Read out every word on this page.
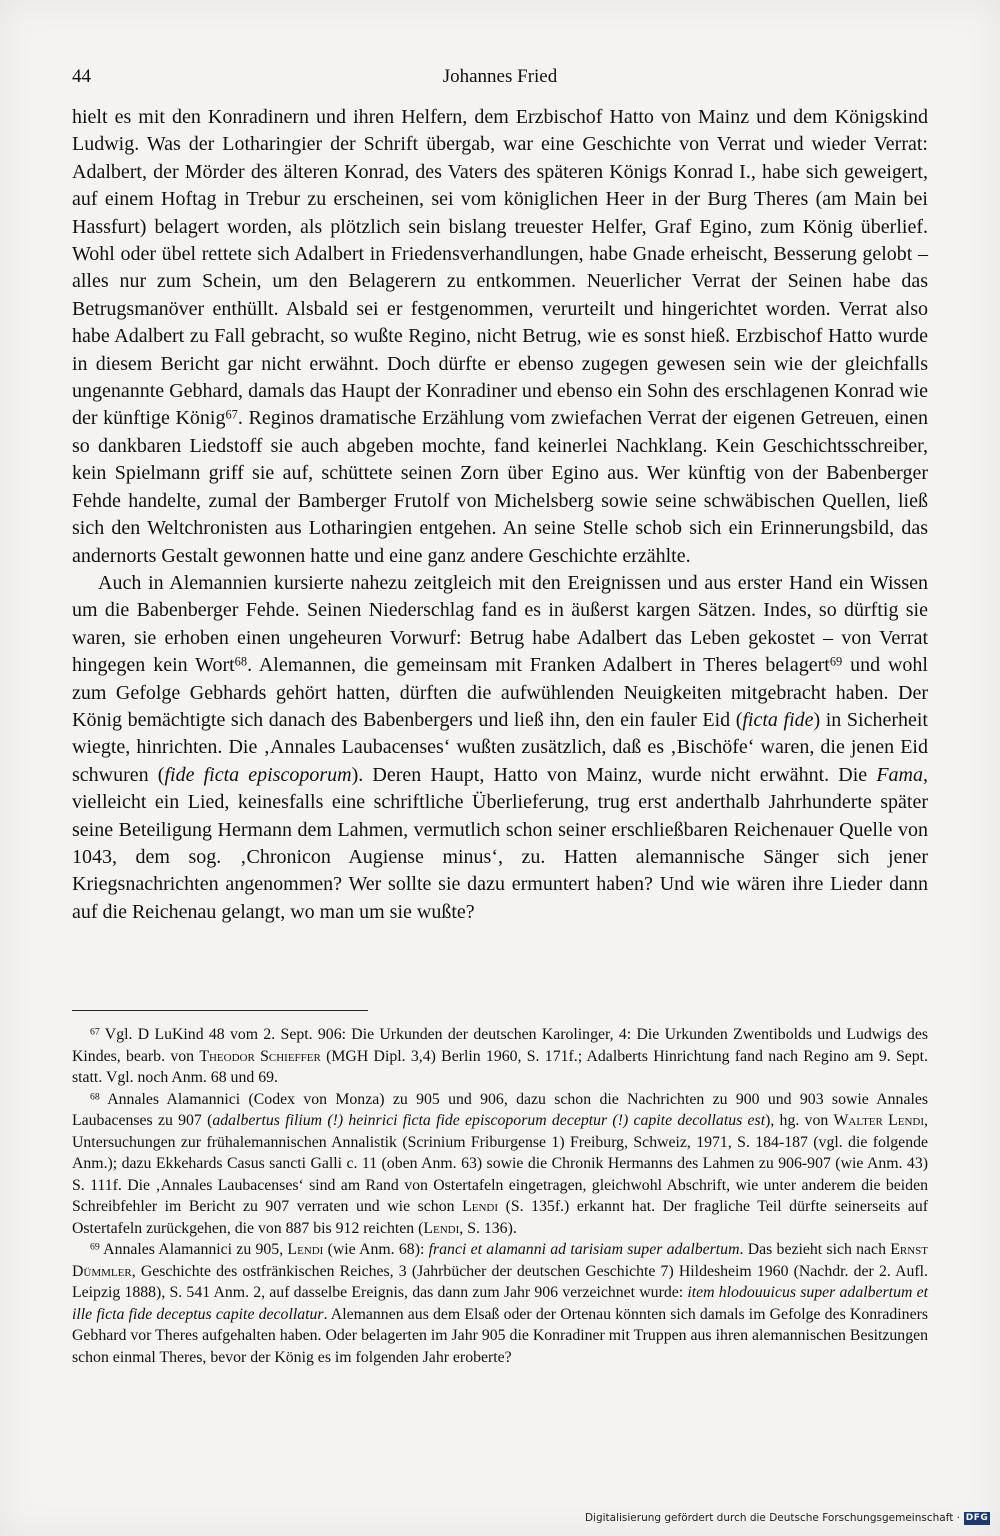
44	Johannes Fried

hielt es mit den Konradinern und ihren Helfern, dem Erzbischof Hatto von Mainz und dem Königskind Ludwig. Was der Lotharingier der Schrift übergab, war eine Geschichte von Verrat und wieder Verrat: Adalbert, der Mörder des älteren Konrad, des Vaters des späteren Königs Konrad I., habe sich geweigert, auf einem Hoftag in Trebur zu erscheinen, sei vom königlichen Heer in der Burg Theres (am Main bei Hassfurt) belagert worden, als plötzlich sein bislang treuester Helfer, Graf Egino, zum König überlief. Wohl oder übel rettete sich Adalbert in Friedensverhandlungen, habe Gnade erheischt, Besserung gelobt – alles nur zum Schein, um den Belagerern zu entkommen. Neuerlicher Verrat der Seinen habe das Betrugsmanöver enthüllt. Alsbald sei er festgenommen, verurteilt und hingerichtet worden. Verrat also habe Adalbert zu Fall gebracht, so wußte Regino, nicht Betrug, wie es sonst hieß. Erzbischof Hatto wurde in diesem Bericht gar nicht erwähnt. Doch dürfte er ebenso zugegen gewesen sein wie der gleichfalls ungenannte Gebhard, damals das Haupt der Konradiner und ebenso ein Sohn des erschlagenen Konrad wie der künftige König$^{67}$. Reginos dramatische Erzählung vom zwiefachen Verrat der eigenen Getreuen, einen so dankbaren Liedstoff sie auch abgeben mochte, fand keinerlei Nachklang. Kein Geschichtsschreiber, kein Spielmann griff sie auf, schüttete seinen Zorn über Egino aus. Wer künftig von der Babenberger Fehde handelte, zumal der Bamberger Frutolf von Michelsberg sowie seine schwäbischen Quellen, ließ sich den Weltchronisten aus Lotharingien entgehen. An seine Stelle schob sich ein Erinnerungsbild, das andernorts Gestalt gewonnen hatte und eine ganz andere Geschichte erzählte.

Auch in Alemannien kursierte nahezu zeitgleich mit den Ereignissen und aus erster Hand ein Wissen um die Babenberger Fehde. Seinen Niederschlag fand es in äußerst kargen Sätzen. Indes, so dürftig sie waren, sie erhoben einen ungeheuren Vorwurf: Betrug habe Adalbert das Leben gekostet – von Verrat hingegen kein Wort$^{68}$. Alemannen, die gemeinsam mit Franken Adalbert in Theres belagert$^{69}$ und wohl zum Gefolge Gebhards gehört hatten, dürften die aufwühlenden Neuigkeiten mitgebracht haben. Der König bemächtigte sich danach des Babenbergers und ließ ihn, den ein fauler Eid (ficta fide) in Sicherheit wiegte, hinrichten. Die ‚Annales Laubacenses‘ wußten zusätzlich, daß es ‚Bischöfe‘ waren, die jenen Eid schwuren (fide ficta episcoporum). Deren Haupt, Hatto von Mainz, wurde nicht erwähnt. Die Fama, vielleicht ein Lied, keinesfalls eine schriftliche Überlieferung, trug erst anderthalb Jahrhunderte später seine Beteiligung Hermann dem Lahmen, vermutlich schon seiner erschließbaren Reichenauer Quelle von 1043, dem sog. ‚Chronicon Augiense minus‘, zu. Hatten alemannische Sänger sich jener Kriegsnachrichten angenommen? Wer sollte sie dazu ermuntert haben? Und wie wären ihre Lieder dann auf die Reichenau gelangt, wo man um sie wußte?

$^{67}$ Vgl. D LuKind 48 vom 2. Sept. 906: Die Urkunden der deutschen Karolinger, 4: Die Urkunden Zwentibolds und Ludwigs des Kindes, bearb. von Theodor Schieffer (MGH Dipl. 3,4) Berlin 1960, S. 171f.; Adalberts Hinrichtung fand nach Regino am 9. Sept. statt. Vgl. noch Anm. 68 und 69.

$^{68}$ Annales Alamannici (Codex von Monza) zu 905 und 906, dazu schon die Nachrichten zu 900 und 903 sowie Annales Laubacenses zu 907 (adalbertus filium (!) heinrici ficta fide episcoporum deceptur (!) capite decollatus est), hg. von Walter Lendi, Untersuchungen zur frühalemannischen Annalistik (Scrinium Friburgense 1) Freiburg, Schweiz, 1971, S. 184-187 (vgl. die folgende Anm.); dazu Ekkehards Casus sancti Galli c. 11 (oben Anm. 63) sowie die Chronik Hermanns des Lahmen zu 906-907 (wie Anm. 43) S. 111f. Die ‚Annales Laubacenses‘ sind am Rand von Ostertafeln eingetragen, gleichwohl Abschrift, wie unter anderem die beiden Schreibfehler im Bericht zu 907 verraten und wie schon Lendi (S. 135f.) erkannt hat. Der fragliche Teil dürfte seinerseits auf Ostertafeln zurückgehen, die von 887 bis 912 reichten (Lendi, S. 136).

$^{69}$ Annales Alamannici zu 905, Lendi (wie Anm. 68): franci et alamanni ad tarisiam super adalbertum. Das bezieht sich nach Ernst Dümmler, Geschichte des ostfränkischen Reiches, 3 (Jahrbücher der deutschen Geschichte 7) Hildesheim 1960 (Nachdr. der 2. Aufl. Leipzig 1888), S. 541 Anm. 2, auf dasselbe Ereignis, das dann zum Jahr 906 verzeichnet wurde: item hlodouuicus super adalbertum et ille ficta fide deceptus capite decollatur. Alemannen aus dem Elsaß oder der Ortenau könnten sich damals im Gefolge des Konradiners Gebhard vor Theres aufgehalten haben. Oder belagerten im Jahr 905 die Konradiner mit Truppen aus ihren alemannischen Besitzungen schon einmal Theres, bevor der König es im folgenden Jahr eroberte?

Digitalisierung gefördert durch die Deutsche Forschungsgemeinschaft · DFG
